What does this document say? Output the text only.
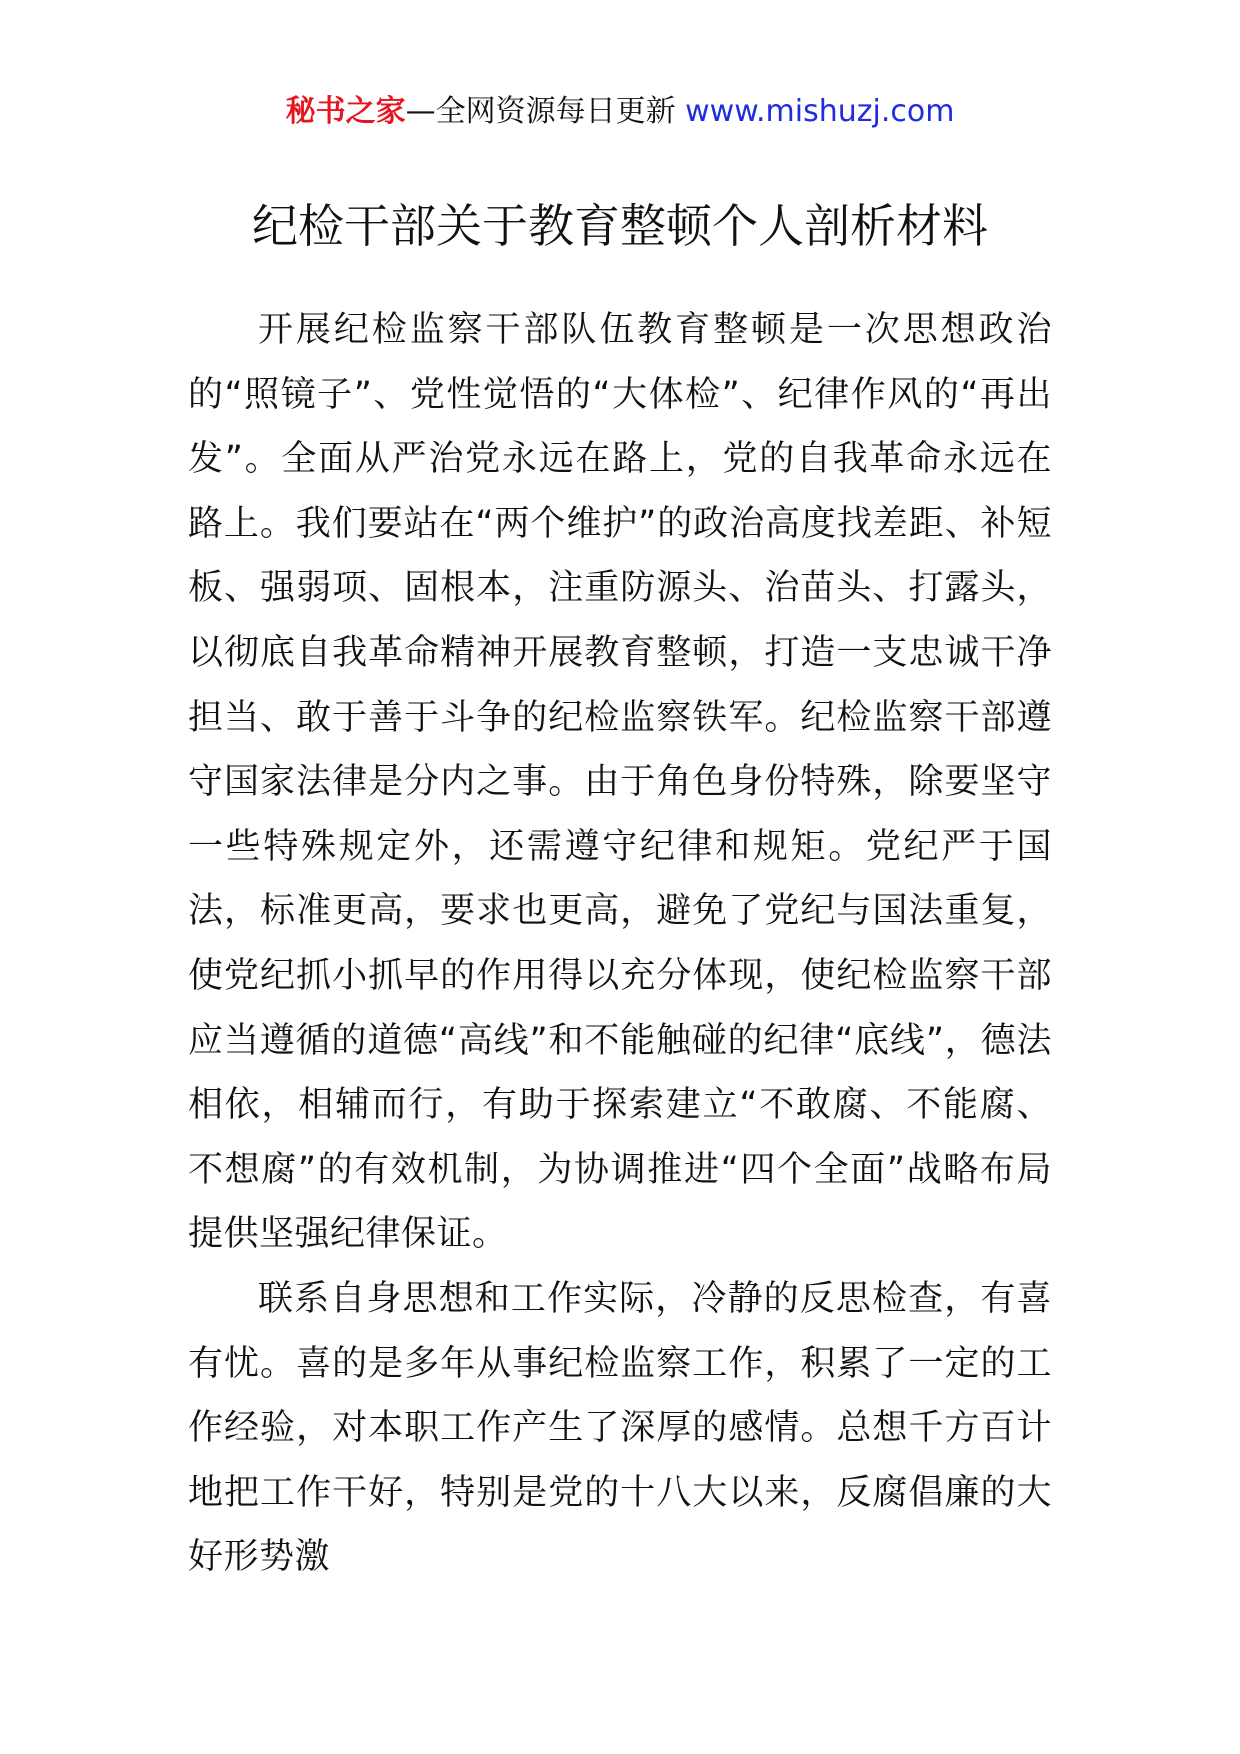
秘书之家—全网资源每日更新 www.mishuzj.com
纪检干部关于教育整顿个人剖析材料

开展纪检监察干部队伍教育整顿是一次思想政治的“照镜子”、党性觉悟的“大体检”、纪律作风的“再出发”。全面从严治党永远在路上，党的自我革命永远在路上。我们要站在“两个维护”的政治高度找差距、补短板、强弱项、固根本，注重防源头、治苗头、打露头，以彻底自我革命精神开展教育整顿，打造一支忠诚干净担当、敢于善于斗争的纪检监察铁军。纪检监察干部遵守国家法律是分内之事。由于角色身份特殊，除要坚守一些特殊规定外，还需遵守纪律和规矩。党纪严于国法，标准更高，要求也更高，避免了党纪与国法重复，使党纪抓小抓早的作用得以充分体现，使纪检监察干部应当遵循的道德“高线”和不能触碰的纪律“底线”，德法相依，相辅而行，有助于探索建立“不敢腐、不能腐、不想腐”的有效机制，为协调推进“四个全面”战略布局提供坚强纪律保证。

联系自身思想和工作实际，冷静的反思检查，有喜有忧。喜的是多年从事纪检监察工作，积累了一定的工作经验，对本职工作产生了深厚的感情。总想千方百计地把工作干好，特别是党的十八大以来，反腐倡廉的大好形势激
